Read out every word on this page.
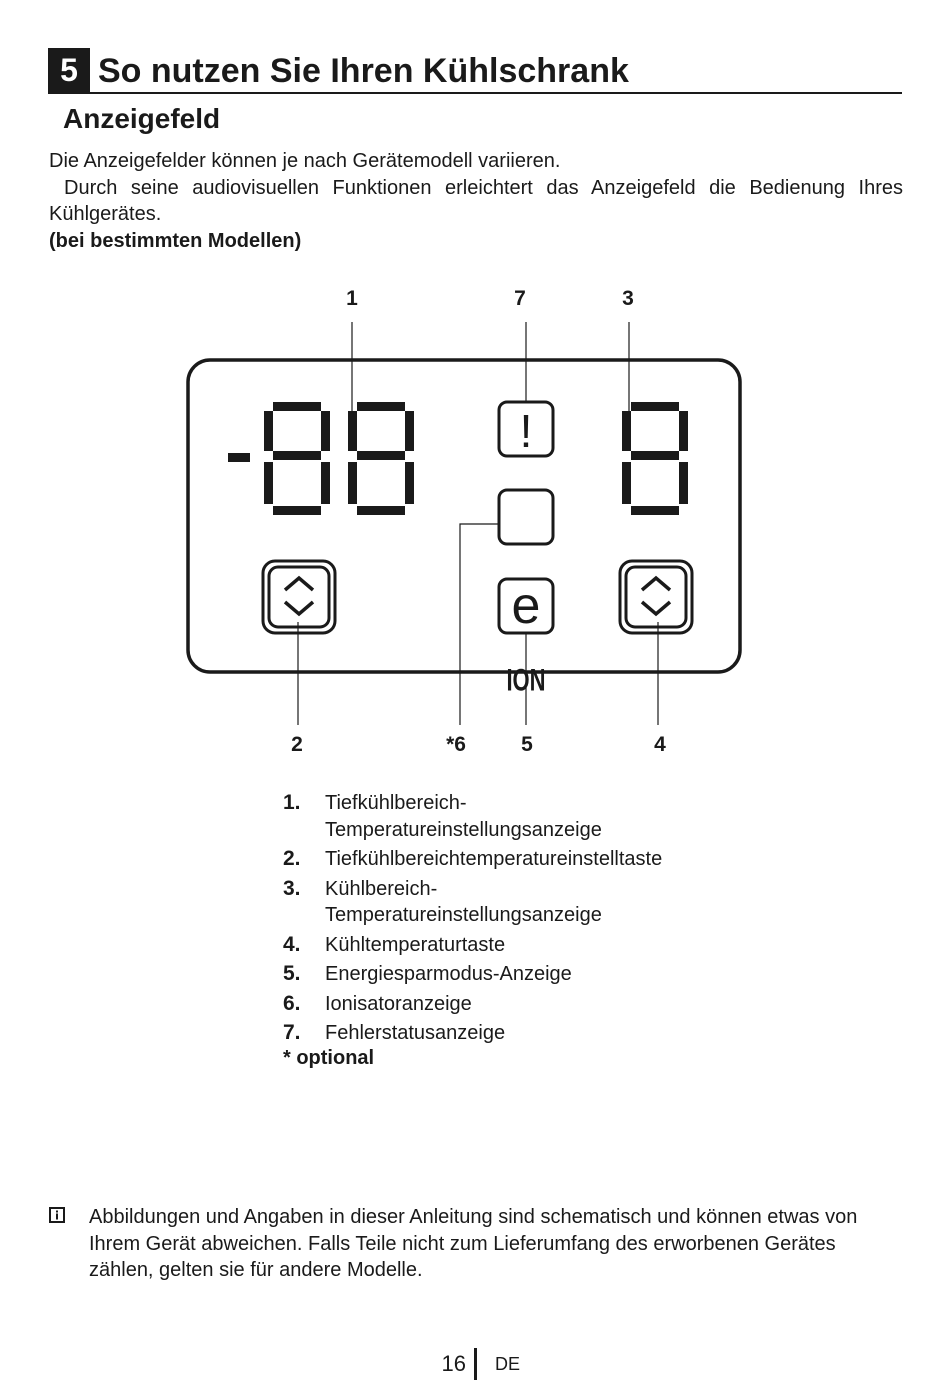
5 So nutzen Sie Ihren Kühlschrank
Anzeigefeld

Die Anzeigefelder können je nach Gerätemodell variieren.

Durch seine audiovisuellen Funktionen erleichtert das Anzeigefeld die Bedienung Ihres Kühlgerätes.

(bei bestimmten Modellen)

1	7	3
!
ION
e
2	*6	5	4
1.	Tiefkühlbereich-
Temperatureinstellungsanzeige
2.	Tiefkühlbereichtemperatureinstelltaste
3.	Kühlbereich-
Temperatureinstellungsanzeige
4.	Kühltemperaturtaste
5.	Energiesparmodus-Anzeige
6.	Ionisatoranzeige
7.	Fehlerstatusanzeige
* optional
Abbildungen und Angaben in dieser Anleitung sind schematisch und können etwas von Ihrem Gerät abweichen. Falls Teile nicht zum Lieferumfang des erworbenen Gerätes zählen, gelten sie für andere Modelle.
16 DE
